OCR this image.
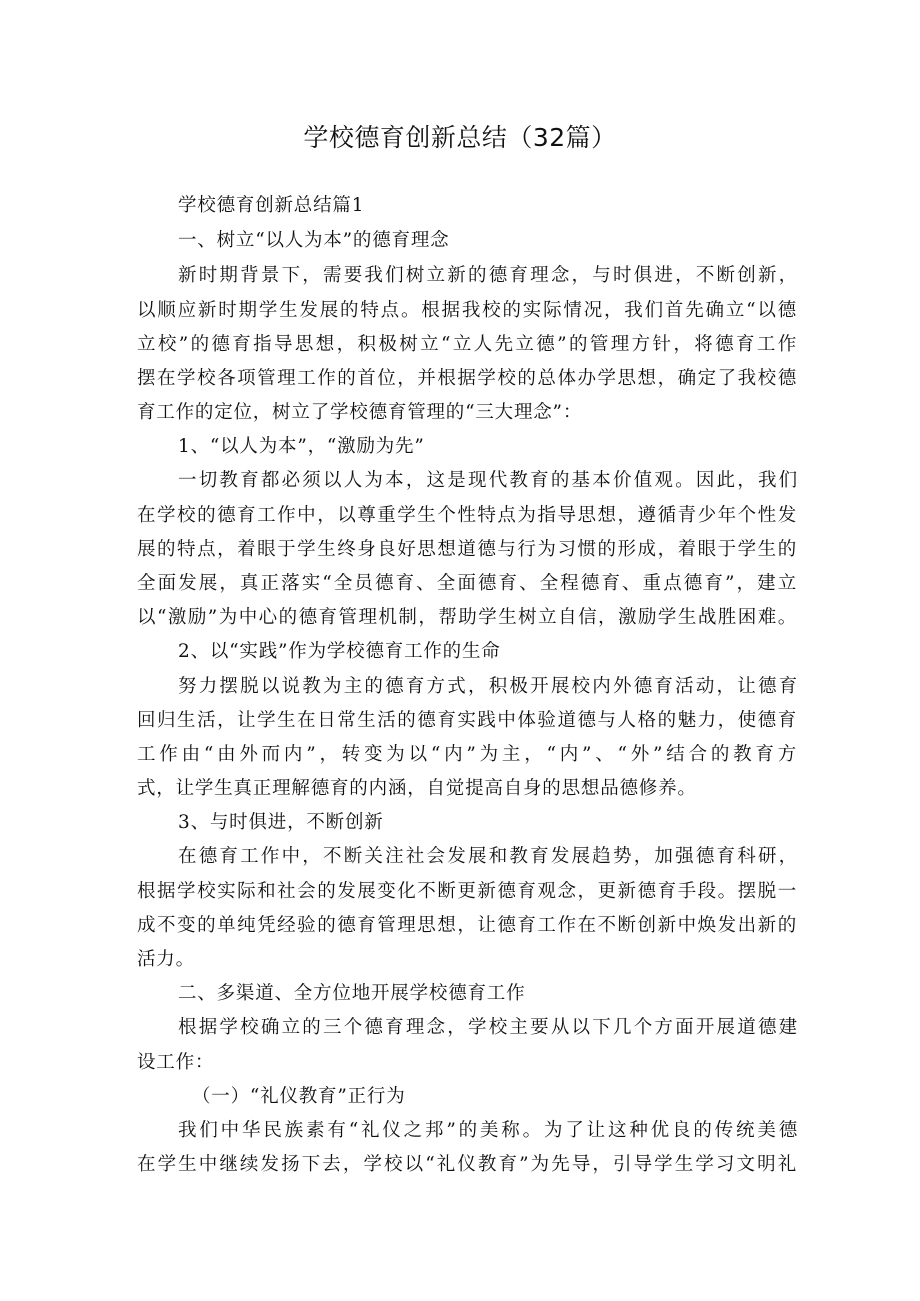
学校德育创新总结（32篇）
学校德育创新总结篇1
一、树立“以人为本”的德育理念
新时期背景下，需要我们树立新的德育理念，与时俱进，不断创新，
以顺应新时期学生发展的特点。根据我校的实际情况，我们首先确立“以德
立校”的德育指导思想，积极树立“立人先立德”的管理方针，将德育工作
摆在学校各项管理工作的首位，并根据学校的总体办学思想，确定了我校德
育工作的定位，树立了学校德育管理的“三大理念”：
1、“以人为本”，“激励为先”
一切教育都必须以人为本，这是现代教育的基本价值观。因此，我们
在学校的德育工作中，以尊重学生个性特点为指导思想，遵循青少年个性发
展的特点，着眼于学生终身良好思想道德与行为习惯的形成，着眼于学生的
全面发展，真正落实“全员德育、全面德育、全程德育、重点德育”，建立
以“激励”为中心的德育管理机制，帮助学生树立自信，激励学生战胜困难。
2、以“实践”作为学校德育工作的生命
努力摆脱以说教为主的德育方式，积极开展校内外德育活动，让德育
回归生活，让学生在日常生活的德育实践中体验道德与人格的魅力，使德育
工作由“由外而内”，转变为以“内”为主，“内”、“外”结合的教育方
式，让学生真正理解德育的内涵，自觉提高自身的思想品德修养。
3、与时俱进，不断创新
在德育工作中，不断关注社会发展和教育发展趋势，加强德育科研，
根据学校实际和社会的发展变化不断更新德育观念，更新德育手段。摆脱一
成不变的单纯凭经验的德育管理思想，让德育工作在不断创新中焕发出新的
活力。
二、多渠道、全方位地开展学校德育工作
根据学校确立的三个德育理念，学校主要从以下几个方面开展道德建
设工作：
（一）“礼仪教育”正行为
我们中华民族素有“礼仪之邦”的美称。为了让这种优良的传统美德
在学生中继续发扬下去，学校以“礼仪教育”为先导，引导学生学习文明礼
